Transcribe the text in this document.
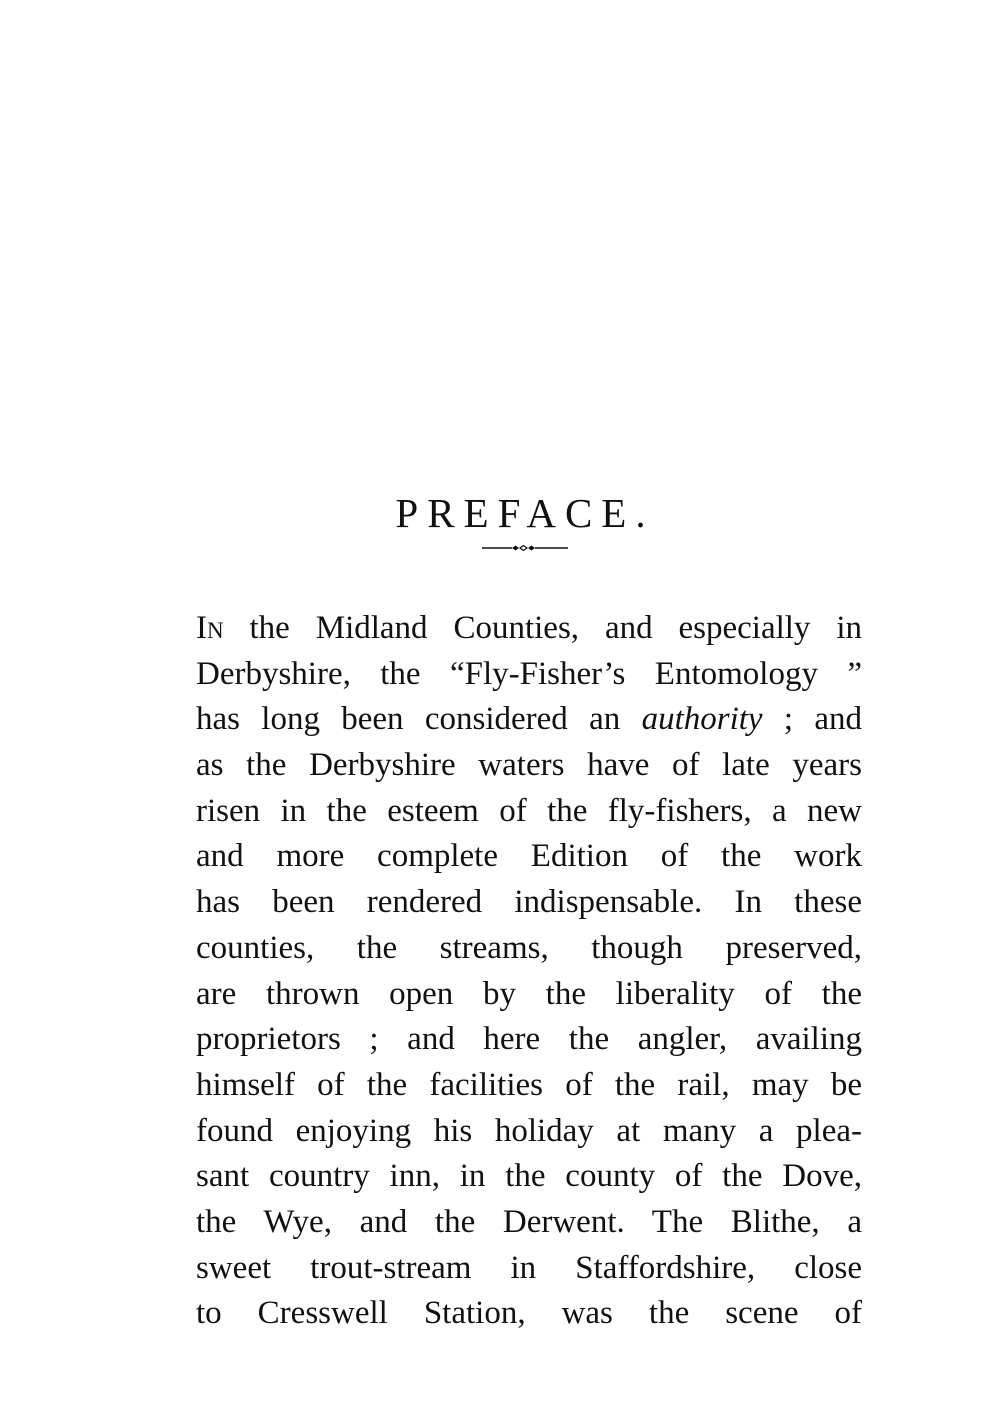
PREFACE.
In the Midland Counties, and especially in
Derbyshire, the “Fly-Fisher’s Entomology ”
has long been considered an authority ; and
as the Derbyshire waters have of late years
risen in the esteem of the fly-fishers, a new
and more complete Edition of the work
has been rendered indispensable. In these
counties, the streams, though preserved,
are thrown open by the liberality of the
proprietors ; and here the angler, availing
himself of the facilities of the rail, may be
found enjoying his holiday at many a plea-
sant country inn, in the county of the Dove,
the Wye, and the Derwent. The Blithe, a
sweet trout-stream in Staffordshire, close
to Cresswell Station, was the scene of
